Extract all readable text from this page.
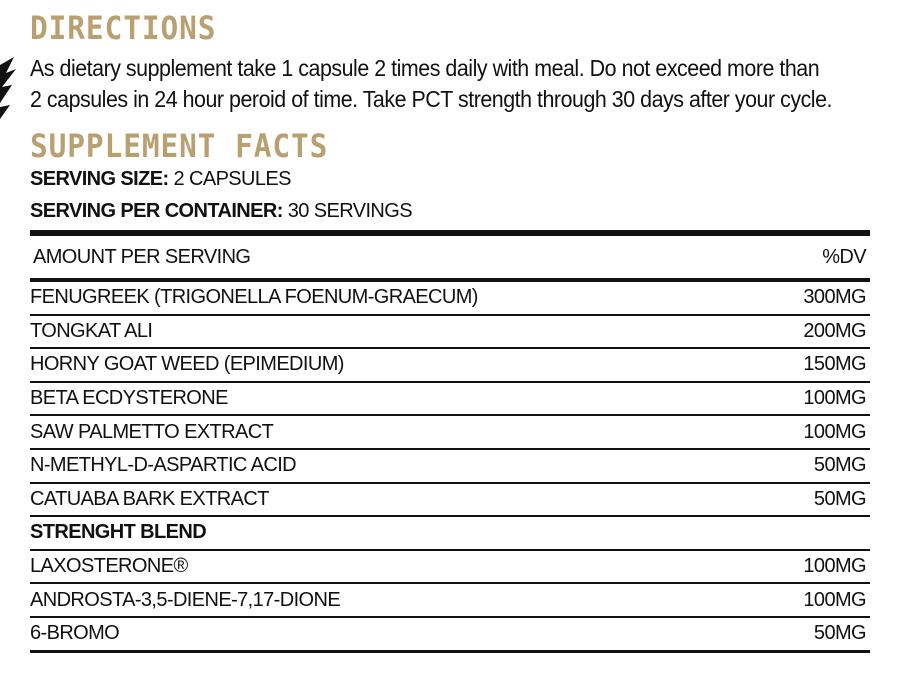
DIRECTIONS
As dietary supplement take 1 capsule 2 times daily with meal. Do not exceed more than
2 capsules in 24 hour peroid of time. Take PCT strength through 30 days after your cycle.
SUPPLEMENT FACTS
SERVING SIZE: 2 CAPSULES
SERVING PER CONTAINER: 30 SERVINGS
AMOUNT PER SERVING	%DV
FENUGREEK (TRIGONELLA FOENUM-GRAECUM)	300MG
TONGKAT ALI	200MG
HORNY GOAT WEED (EPIMEDIUM)	150MG
BETA ECDYSTERONE	100MG
SAW PALMETTO EXTRACT	100MG
N-METHYL-D-ASPARTIC ACID	50MG
CATUABA BARK EXTRACT	50MG
STRENGHT BLEND
LAXOSTERONE®	100MG
ANDROSTA-3,5-DIENE-7,17-DIONE	100MG
6-BROMO	50MG
